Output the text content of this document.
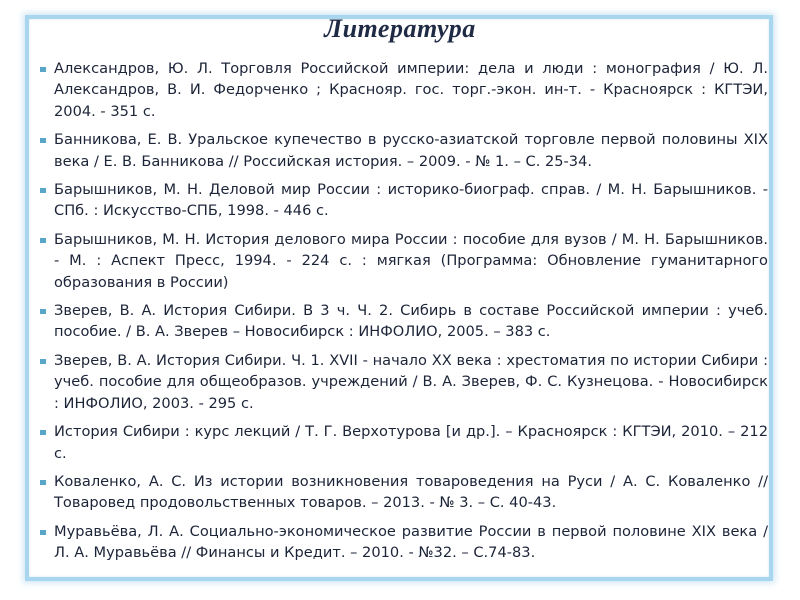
Литература
Александров, Ю. Л. Торговля Российской империи: дела и люди : монография / Ю. Л. Александров, В. И. Федорченко ; Краснояр. гос. торг.-экон. ин-т. - Красноярск : КГТЭИ, 2004. - 351 с.
Банникова, Е. В. Уральское купечество в русско-азиатской торговле первой половины XIX века / Е. В. Банникова // Российская история. – 2009. - № 1. – С. 25-34.
Барышников, М. Н. Деловой мир России : историко-биограф. справ. / М. Н. Барышников. - СПб. : Искусство-СПБ, 1998. - 446 с.
Барышников, М. Н. История делового мира России : пособие для вузов / М. Н. Барышников. - М. : Аспект Пресс, 1994. - 224 с. : мягкая (Программа: Обновление гуманитарного образования в России)
Зверев, В. А. История Сибири. В 3 ч. Ч. 2. Сибирь в составе Российской империи : учеб. пособие. / В. А. Зверев – Новосибирск : ИНФОЛИО, 2005. – 383 с.
Зверев, В. А. История Сибири. Ч. 1. XVII - начало XX века : хрестоматия по истории Сибири : учеб. пособие для общеобразов. учреждений / В. А. Зверев, Ф. С. Кузнецова. - Новосибирск : ИНФОЛИО, 2003. - 295 с.
История Сибири : курс лекций / Т. Г. Верхотурова [и др.]. – Красноярск : КГТЭИ, 2010. – 212 с.
Коваленко, А. С. Из истории возникновения товароведения на Руси / А. С. Коваленко // Товаровед продовольственных товаров. – 2013. - № 3. – С. 40-43.
Муравьёва, Л. А. Социально-экономическое развитие России в первой половине XIX века / Л. А. Муравьёва // Финансы и Кредит. – 2010. - №32. – С.74-83.
